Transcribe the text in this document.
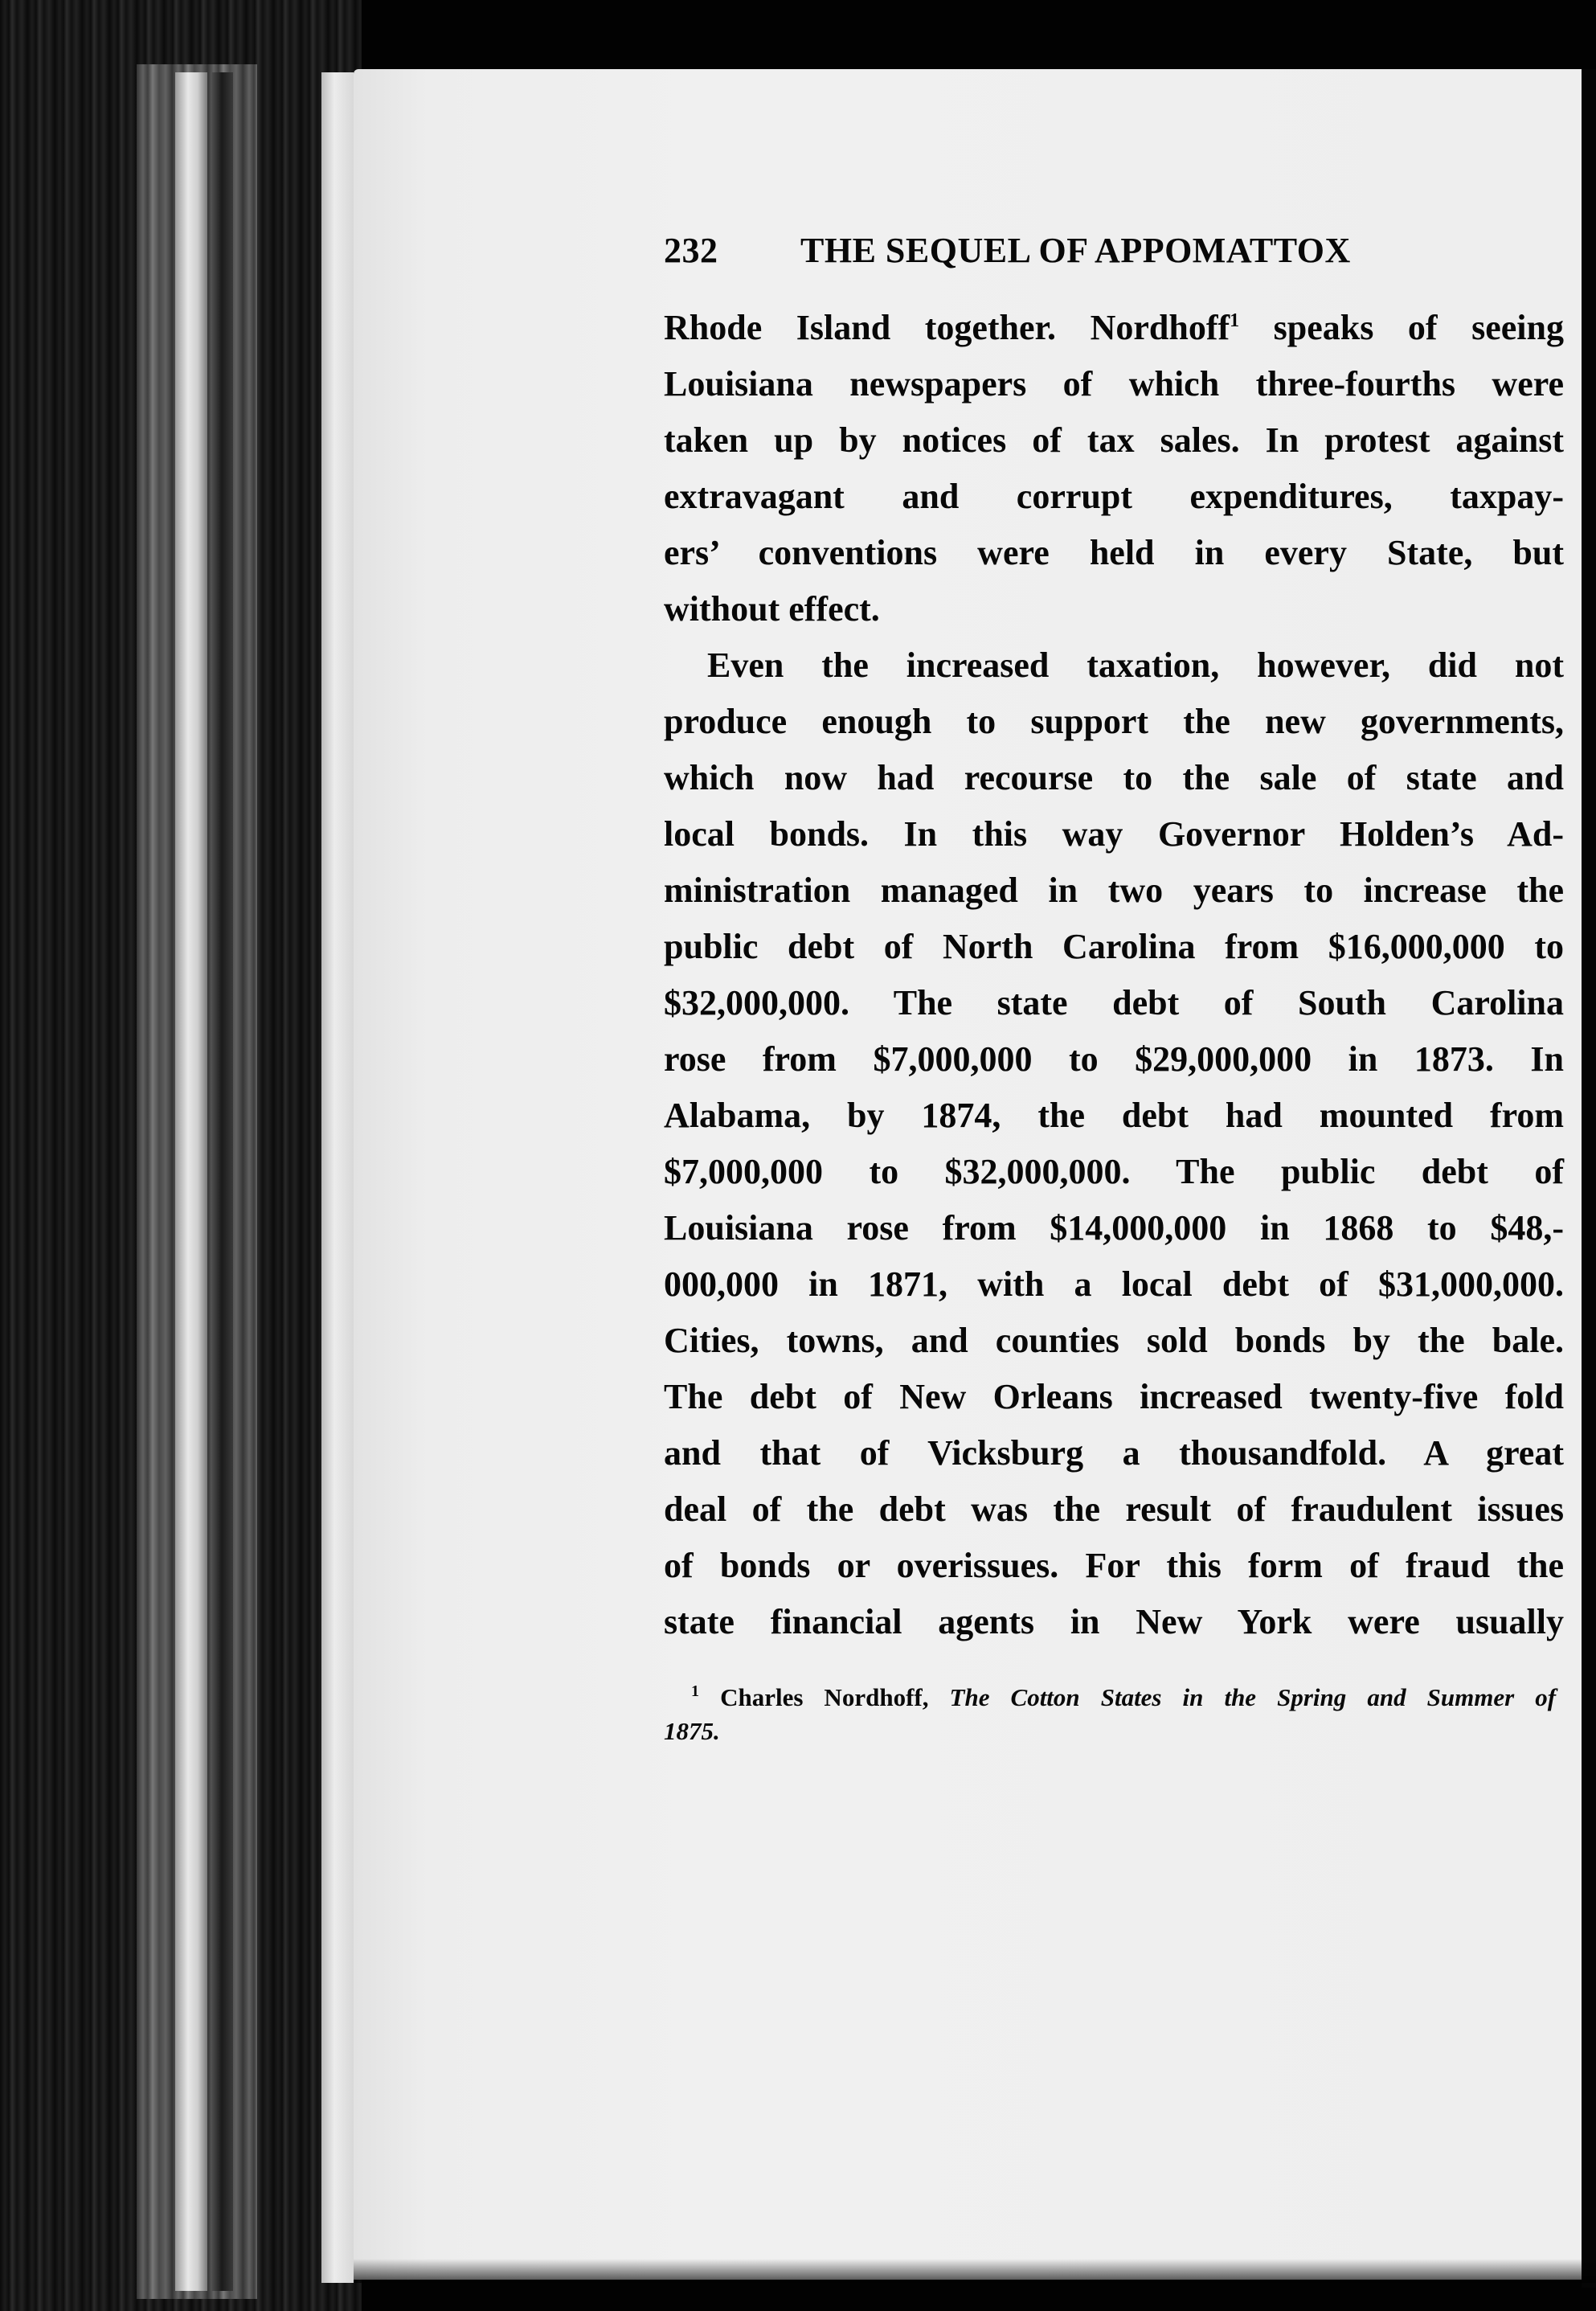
232 THE SEQUEL OF APPOMATTOX
Rhode Island together. Nordhoff$^1$ speaks of seeing
Louisiana newspapers of which three-fourths were
taken up by notices of tax sales. In protest against
extravagant and corrupt expenditures, taxpay-
ers’ conventions were held in every State, but
without effect.
Even the increased taxation, however, did not
produce enough to support the new governments,
which now had recourse to the sale of state and
local bonds. In this way Governor Holden’s Ad-
ministration managed in two years to increase the
public debt of North Carolina from $16,000,000 to
$32,000,000. The state debt of South Carolina
rose from $7,000,000 to $29,000,000 in 1873. In
Alabama, by 1874, the debt had mounted from
$7,000,000 to $32,000,000. The public debt of
Louisiana rose from $14,000,000 in 1868 to $48,-
000,000 in 1871, with a local debt of $31,000,000.
Cities, towns, and counties sold bonds by the bale.
The debt of New Orleans increased twenty-five fold
and that of Vicksburg a thousandfold. A great
deal of the debt was the result of fraudulent issues
of bonds or overissues. For this form of fraud the
state financial agents in New York were usually
$^1$ Charles Nordhoff, The Cotton States in the Spring and Summer of
1875.
